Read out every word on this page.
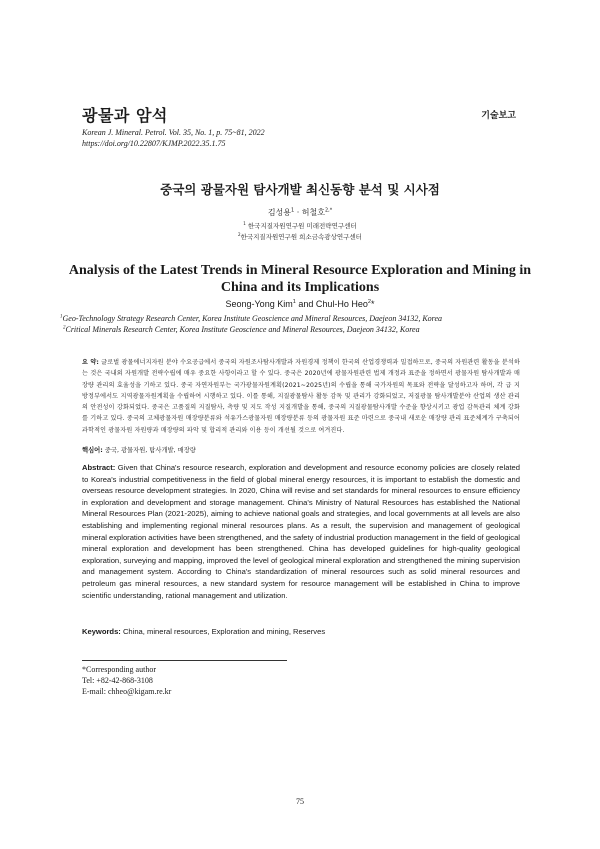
광물과 암석	기술보고
Korean J. Mineral. Petrol. Vol. 35, No. 1, p. 75~81, 2022
https://doi.org/10.22807/KJMP.2022.35.1.75
중국의 광물자원 탐사개발 최신동향 분석 및 시사점
김성용$^1$ · 허철호$^{2,*}$
$^1$ 한국지질자원연구원 미래전략연구센터
$^2$한국지질자원연구원 희소금속광상연구센터
Analysis of the Latest Trends in Mineral Resource Exploration and Mining in China and its Implications
Seong-Yong Kim$^1$ and Chul-Ho Heo$^2$*
$^1$Geo-Technology Strategy Research Center, Korea Institute Geoscience and Mineral Resources, Daejeon 34132, Korea
$^2$Critical Minerals Research Center, Korea Institute Geoscience and Mineral Resources, Daejeon 34132, Korea
요 약: 글로벌 광물에너지자원 분야 수요공급에서 중국의 자원조사탐사개발과 자원경제 정책이 한국의 산업경쟁력과 밀접하므로, 중국의 자원관련 활동을 분석하는 것은 국내외 자원개발 전략수립에 매우 중요한 사항이라고 할 수 있다. 중국은 2020년에 광물자원관련 법제 개정과 표준을 정하면서 광물자원 탐사개발과 매장량 관리의 효율성을 기하고 있다. 중국 자연자원부는 국가광물자원계획(2021~2025년)의 수립을 통해 국가자원의 목표와 전략을 달성하고자 하며, 각 급 지방정부에서도 지역광물자원계획을 수립하여 시행하고 있다. 이를 통해, 지질광물탐사 활동 감독 및 관리가 강화되었고, 저질광물 탐사개발분야 산업의 생산 관리의 안전성이 강화되었다. 중국은 고품질의 지질탐사, 측량 및 지도 작성 지질개발을 통해, 중국의 지질광물탐사개발 수준을 향상시키고 광업 감독관리 체계 강화를 기하고 있다. 중국의 고체광물자원 매장량분류와 석유가스광물자원 매장량분류 등의 광물자원 표준 마련으로 중국내 새로운 매장량 관리 표준체계가 구축되어 과학적인 광물자원 자원량과 매장량의 파악 및 합리적 관리와 이용 등이 개선될 것으로 여겨진다.
핵심어: 중국, 광물자원, 탐사개발, 매장량
Abstract: Given that China's resource research, exploration and development and resource economy policies are closely related to Korea's industrial competitiveness in the field of global mineral energy resources, it is important to establish the domestic and overseas resource development strategies. In 2020, China will revise and set standards for mineral resources to ensure efficiency in exploration and development and storage management. China's Ministry of Natural Resources has established the National Mineral Resources Plan (2021-2025), aiming to achieve national goals and strategies, and local governments at all levels are also establishing and implementing regional mineral resources plans. As a result, the supervision and management of geological mineral exploration activities have been strengthened, and the safety of industrial production management in the field of geological mineral exploration and development has been strengthened. China has developed guidelines for high-quality geological exploration, surveying and mapping, improved the level of geological mineral exploration and strengthened the mining supervision and management system. According to China's standardization of mineral resources such as solid mineral resources and petroleum gas mineral resources, a new standard system for resource management will be established in China to improve scientific understanding, rational management and utilization.
Keywords: China, mineral resources, Exploration and mining, Reserves
*Corresponding author
Tel: +82-42-868-3108
E-mail: chheo@kigam.re.kr
75
